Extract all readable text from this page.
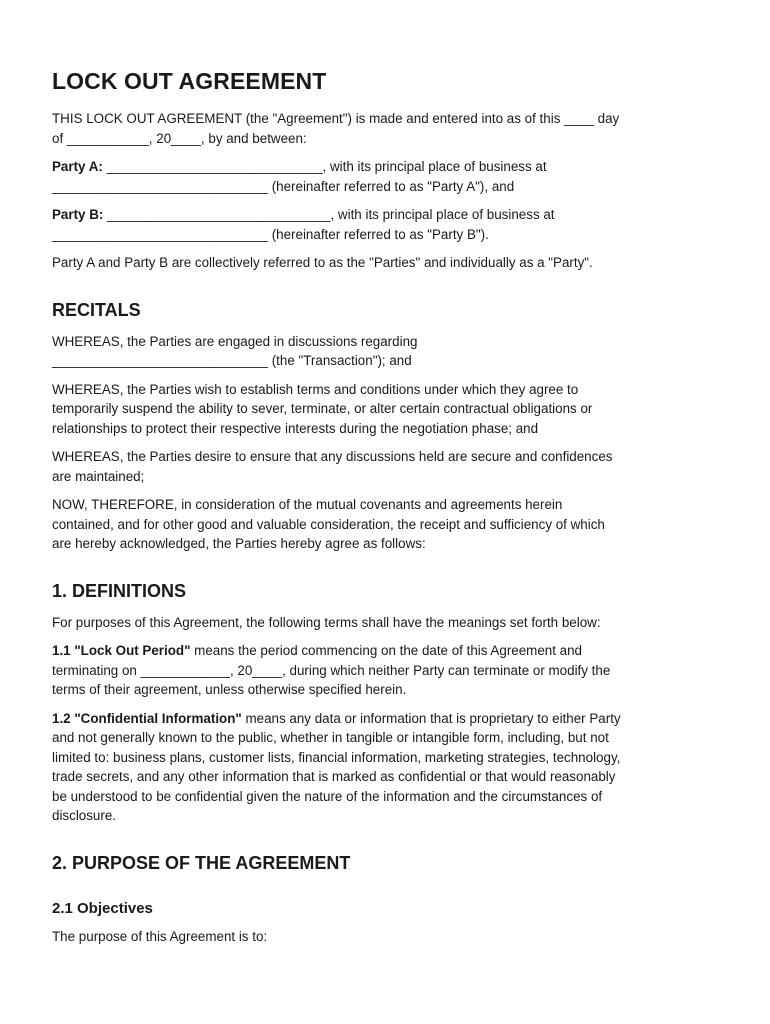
LOCK OUT AGREEMENT

THIS LOCK OUT AGREEMENT (the "Agreement") is made and entered into as of this ____ day
of ___________, 20____, by and between:

Party A: _____________________________, with its principal place of business at
_____________________________ (hereinafter referred to as "Party A"), and

Party B: ______________________________, with its principal place of business at
_____________________________ (hereinafter referred to as "Party B").

Party A and Party B are collectively referred to as the "Parties" and individually as a "Party".

RECITALS

WHEREAS, the Parties are engaged in discussions regarding
_____________________________ (the "Transaction"); and

WHEREAS, the Parties wish to establish terms and conditions under which they agree to
temporarily suspend the ability to sever, terminate, or alter certain contractual obligations or
relationships to protect their respective interests during the negotiation phase; and

WHEREAS, the Parties desire to ensure that any discussions held are secure and confidences
are maintained;

NOW, THEREFORE, in consideration of the mutual covenants and agreements herein
contained, and for other good and valuable consideration, the receipt and sufficiency of which
are hereby acknowledged, the Parties hereby agree as follows:

1. DEFINITIONS

For purposes of this Agreement, the following terms shall have the meanings set forth below:

1.1 "Lock Out Period" means the period commencing on the date of this Agreement and
terminating on ____________, 20____, during which neither Party can terminate or modify the
terms of their agreement, unless otherwise specified herein.

1.2 "Confidential Information" means any data or information that is proprietary to either Party
and not generally known to the public, whether in tangible or intangible form, including, but not
limited to: business plans, customer lists, financial information, marketing strategies, technology,
trade secrets, and any other information that is marked as confidential or that would reasonably
be understood to be confidential given the nature of the information and the circumstances of
disclosure.

2. PURPOSE OF THE AGREEMENT
2.1 Objectives

The purpose of this Agreement is to:
